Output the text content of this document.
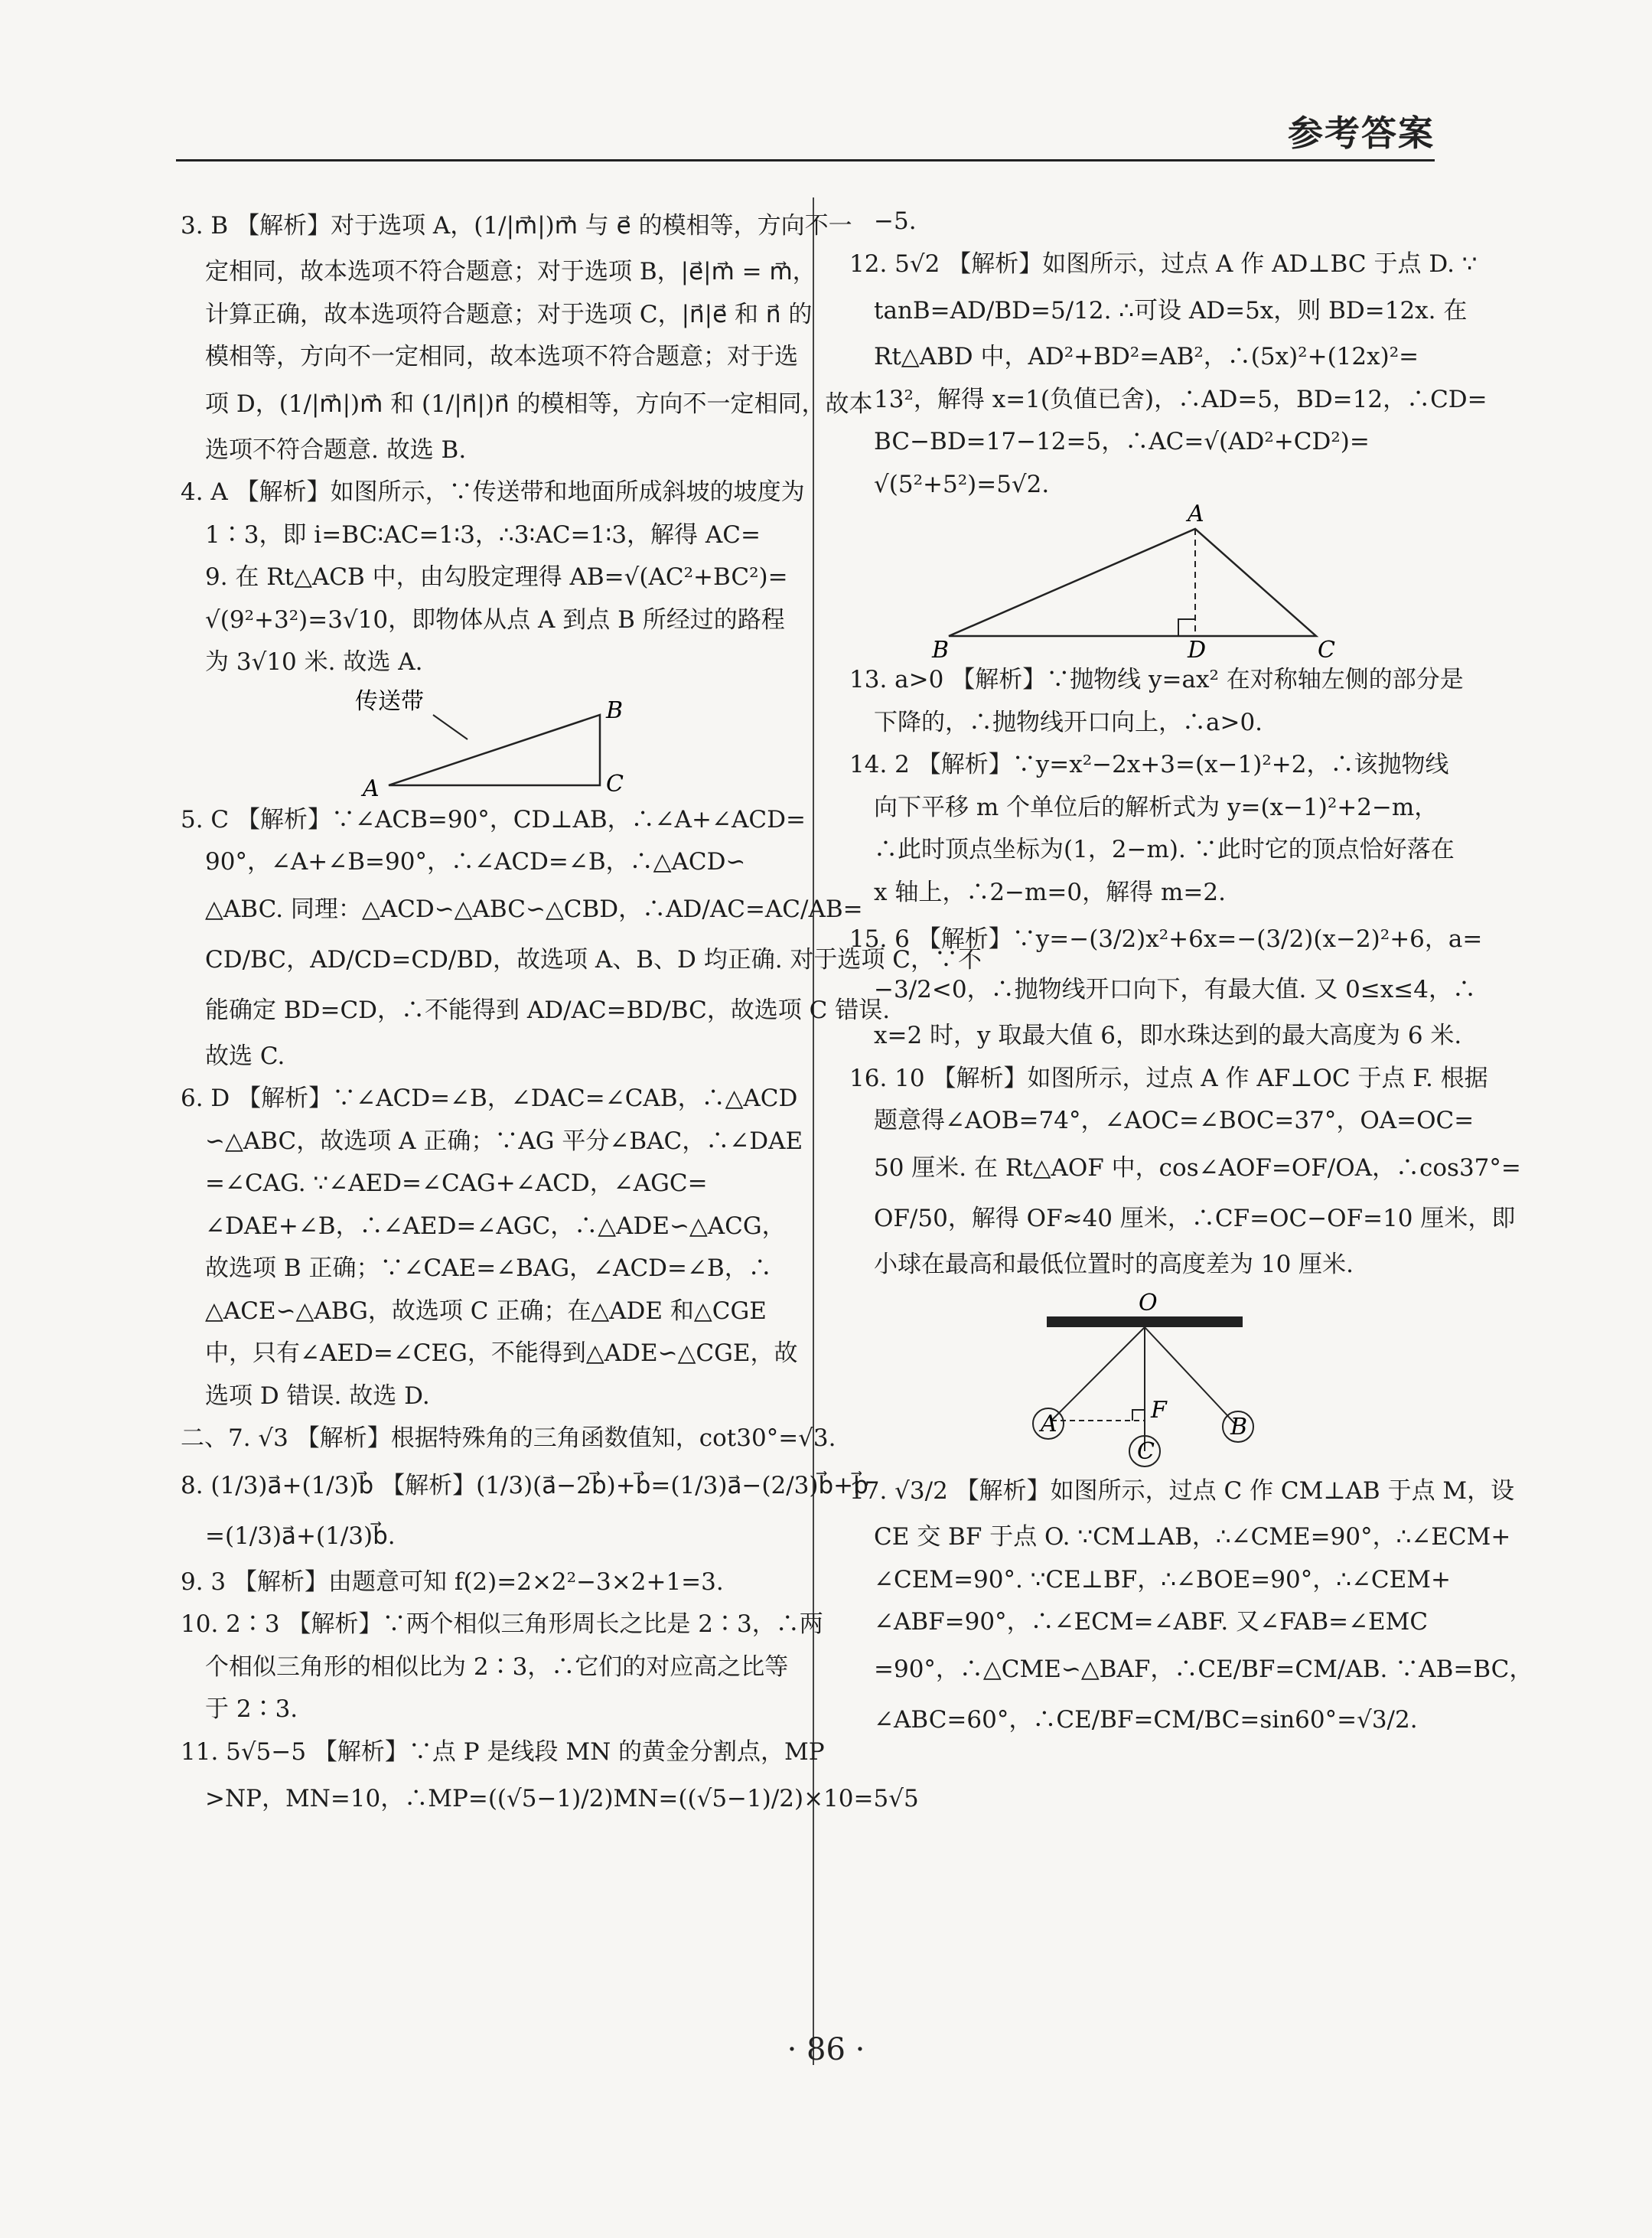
参考答案

3. B 【解析】对于选项 A，(1/|m⃗|)m⃗ 与 e⃗ 的模相等，方向不一

定相同，故本选项不符合题意；对于选项 B，|e⃗|m⃗ = m⃗，

计算正确，故本选项符合题意；对于选项 C，|n⃗|e⃗ 和 n⃗ 的

模相等，方向不一定相同，故本选项不符合题意；对于选

项 D，(1/|m⃗|)m⃗ 和 (1/|n⃗|)n⃗ 的模相等，方向不一定相同，故本

选项不符合题意. 故选 B.

4. A 【解析】如图所示，∵传送带和地面所成斜坡的坡度为

1∶3，即 i=BC∶AC=1∶3，∴3∶AC=1∶3，解得 AC=

9. 在 Rt△ACB 中，由勾股定理得 AB=√(AC²+BC²)=

√(9²+3²)=3√10，即物体从点 A 到点 B 所经过的路程

为 3√10 米. 故选 A.

传送带
A
B
C

5. C 【解析】∵∠ACB=90°，CD⊥AB，∴∠A+∠ACD=

90°，∠A+∠B=90°，∴∠ACD=∠B，∴△ACD∽

△ABC. 同理：△ACD∽△ABC∽△CBD，∴AD/AC=AC/AB=

CD/BC，AD/CD=CD/BD，故选项 A、B、D 均正确. 对于选项 C，∵不

能确定 BD=CD，∴不能得到 AD/AC=BD/BC，故选项 C 错误.

故选 C.

6. D 【解析】∵∠ACD=∠B，∠DAC=∠CAB，∴△ACD

∽△ABC，故选项 A 正确；∵AG 平分∠BAC，∴∠DAE

=∠CAG. ∵∠AED=∠CAG+∠ACD，∠AGC=

∠DAE+∠B，∴∠AED=∠AGC，∴△ADE∽△ACG，

故选项 B 正确；∵∠CAE=∠BAG，∠ACD=∠B，∴

△ACE∽△ABG，故选项 C 正确；在△ADE 和△CGE

中，只有∠AED=∠CEG，不能得到△ADE∽△CGE，故

选项 D 错误. 故选 D.

二、7. √3 【解析】根据特殊角的三角函数值知，cot30°=√3.

8. (1/3)a⃗+(1/3)b⃗ 【解析】(1/3)(a⃗−2b⃗)+b⃗=(1/3)a⃗−(2/3)b⃗+b⃗

=(1/3)a⃗+(1/3)b⃗.

9. 3 【解析】由题意可知 f(2)=2×2²−3×2+1=3.

10. 2∶3 【解析】∵两个相似三角形周长之比是 2∶3，∴两

个相似三角形的相似比为 2∶3，∴它们的对应高之比等

于 2∶3.

11. 5√5−5 【解析】∵点 P 是线段 MN 的黄金分割点，MP

>NP，MN=10，∴MP=((√5−1)/2)MN=((√5−1)/2)×10=5√5

−5.

12. 5√2 【解析】如图所示，过点 A 作 AD⊥BC 于点 D. ∵

tanB=AD/BD=5/12. ∴可设 AD=5x，则 BD=12x. 在

Rt△ABD 中，AD²+BD²=AB²，∴(5x)²+(12x)²=

13²，解得 x=1(负值已舍)，∴AD=5，BD=12，∴CD=

BC−BD=17−12=5，∴AC=√(AD²+CD²)=

√(5²+5²)=5√2.

A
B	D	C

13. a>0 【解析】∵抛物线 y=ax² 在对称轴左侧的部分是

下降的，∴抛物线开口向上，∴a>0.

14. 2 【解析】∵y=x²−2x+3=(x−1)²+2，∴该抛物线

向下平移 m 个单位后的解析式为 y=(x−1)²+2−m，

∴此时顶点坐标为(1，2−m). ∵此时它的顶点恰好落在

x 轴上，∴2−m=0，解得 m=2.

15. 6 【解析】∵y=−(3/2)x²+6x=−(3/2)(x−2)²+6，a=

−3/2<0，∴抛物线开口向下，有最大值. 又 0≤x≤4，∴

x=2 时，y 取最大值 6，即水珠达到的最大高度为 6 米.

16. 10 【解析】如图所示，过点 A 作 AF⊥OC 于点 F. 根据

题意得∠AOB=74°，∠AOC=∠BOC=37°，OA=OC=

50 厘米. 在 Rt△AOF 中，cos∠AOF=OF/OA，∴cos37°=

OF/50，解得 OF≈40 厘米，∴CF=OC−OF=10 厘米，即

小球在最高和最低位置时的高度差为 10 厘米.

O
A
C
B
F

17. √3/2 【解析】如图所示，过点 C 作 CM⊥AB 于点 M，设

CE 交 BF 于点 O. ∵CM⊥AB，∴∠CME=90°，∴∠ECM+

∠CEM=90°. ∵CE⊥BF，∴∠BOE=90°，∴∠CEM+

∠ABF=90°，∴∠ECM=∠ABF. 又∠FAB=∠EMC

=90°，∴△CME∽△BAF，∴CE/BF=CM/AB. ∵AB=BC，

∠ABC=60°，∴CE/BF=CM/BC=sin60°=√3/2.

· 86 ·
